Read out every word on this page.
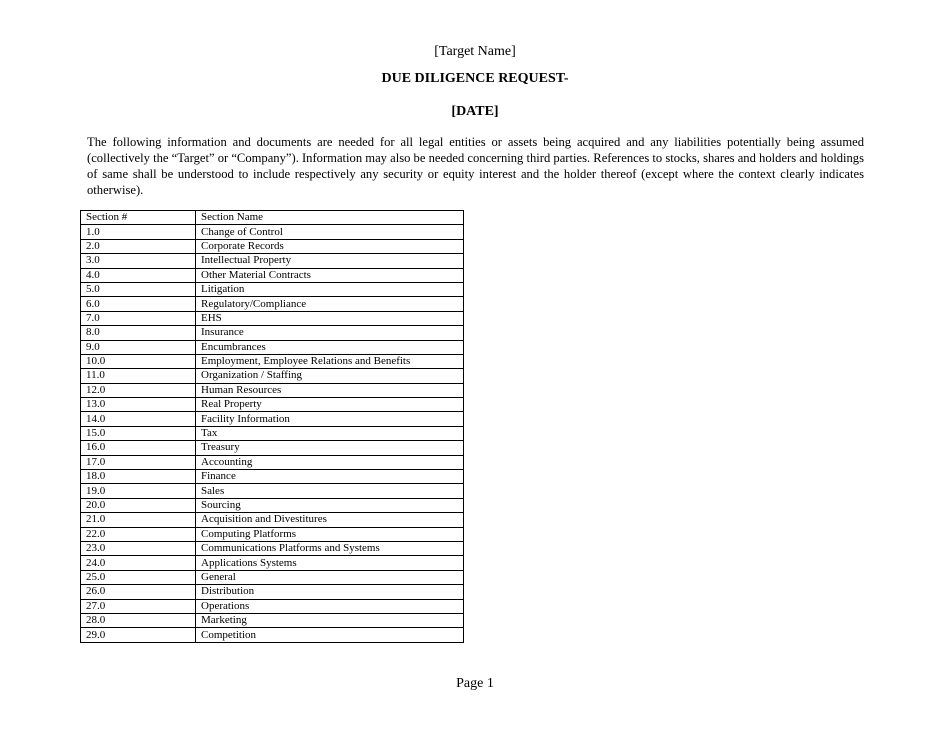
[Target Name]
DUE DILIGENCE REQUEST-
[DATE]

The following information and documents are needed for all legal entities or assets being acquired and any liabilities potentially being assumed (collectively the “Target” or “Company”). Information may also be needed concerning third parties. References to stocks, shares and holders and holdings of same shall be understood to include respectively any security or equity interest and the holder thereof (except where the context clearly indicates otherwise).

Section #	Section Name
1.0	Change of Control
2.0	Corporate Records
3.0	Intellectual Property
4.0	Other Material Contracts
5.0	Litigation
6.0	Regulatory/Compliance
7.0	EHS
8.0	Insurance
9.0	Encumbrances
10.0	Employment, Employee Relations and Benefits
11.0	Organization / Staffing
12.0	Human Resources
13.0	Real Property
14.0	Facility Information
15.0	Tax
16.0	Treasury
17.0	Accounting
18.0	Finance
19.0	Sales
20.0	Sourcing
21.0	Acquisition and Divestitures
22.0	Computing Platforms
23.0	Communications Platforms and Systems
24.0	Applications Systems
25.0	General
26.0	Distribution
27.0	Operations
28.0	Marketing
29.0	Competition
Page 1
